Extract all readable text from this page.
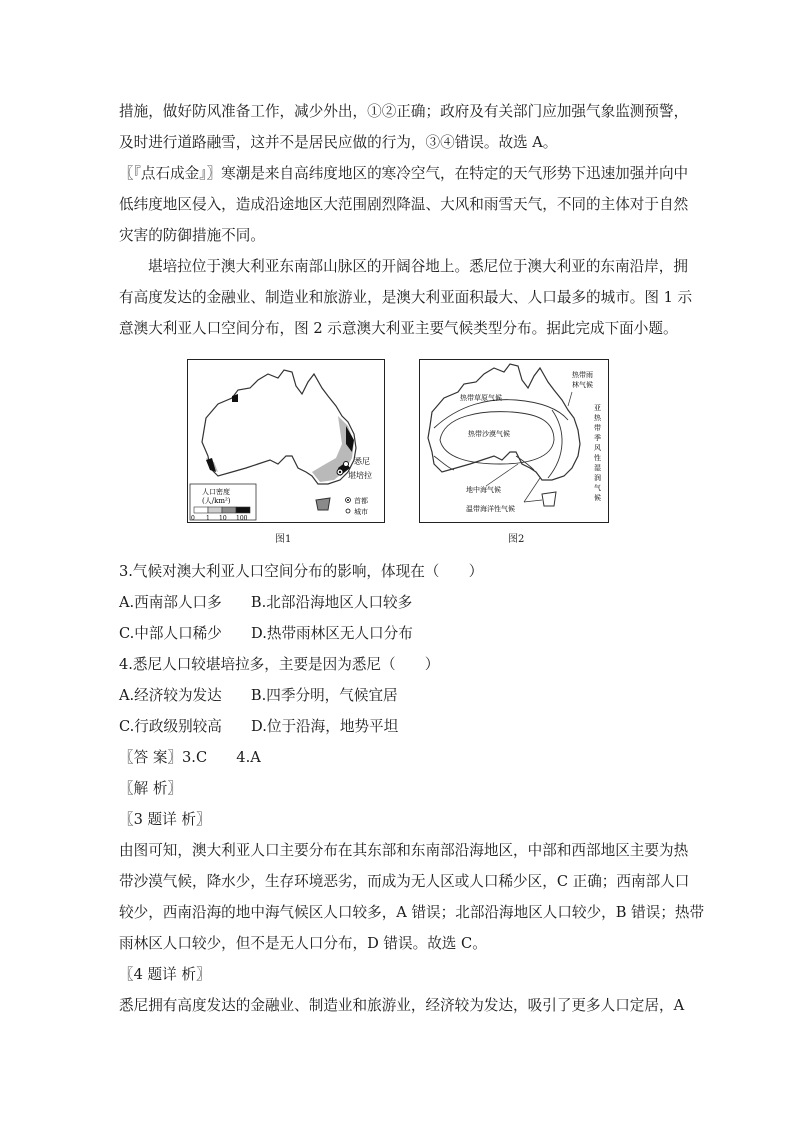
措施，做好防风准备工作，减少外出，①②正确；政府及有关部门应加强气象监测预警，
及时进行道路融雪，这并不是居民应做的行为，③④错误。故选 A。
〖『点石成金』〗寒潮是来自高纬度地区的寒冷空气，在特定的天气形势下迅速加强并向中
低纬度地区侵入，造成沿途地区大范围剧烈降温、大风和雨雪天气，不同的主体对于自然
灾害的防御措施不同。
堪培拉位于澳大利亚东南部山脉区的开阔谷地上。悉尼位于澳大利亚的东南沿岸，拥
有高度发达的金融业、制造业和旅游业，是澳大利亚面积最大、人口最多的城市。图 1 示
意澳大利亚人口空间分布，图 2 示意澳大利亚主要气候类型分布。据此完成下面小题。
悉尼
堪培拉
人口密度
(人/km²)
0 1 10 100
首都
城市
图1
热带草原气候
热带沙漠气候
热带雨
林气候
亚
热
带
季
风
性
湿
润
气
候
地中海气候
温带海洋性气候
图2
3.气候对澳大利亚人口空间分布的影响，体现在（　　）
A.西南部人口多　　B.北部沿海地区人口较多
C.中部人口稀少　　D.热带雨林区无人口分布
4.悉尼人口较堪培拉多，主要是因为悉尼（　　）
A.经济较为发达　　B.四季分明，气候宜居
C.行政级别较高　　D.位于沿海，地势平坦
〖答 案〗3.C　　4.A
〖解 析〗
〖3 题详 析〗
由图可知，澳大利亚人口主要分布在其东部和东南部沿海地区，中部和西部地区主要为热
带沙漠气候，降水少，生存环境恶劣，而成为无人区或人口稀少区，C 正确；西南部人口
较少，西南沿海的地中海气候区人口较多，A 错误；北部沿海地区人口较少，B 错误；热带
雨林区人口较少，但不是无人口分布，D 错误。故选 C。
〖4 题详 析〗
悉尼拥有高度发达的金融业、制造业和旅游业，经济较为发达，吸引了更多人口定居，A
